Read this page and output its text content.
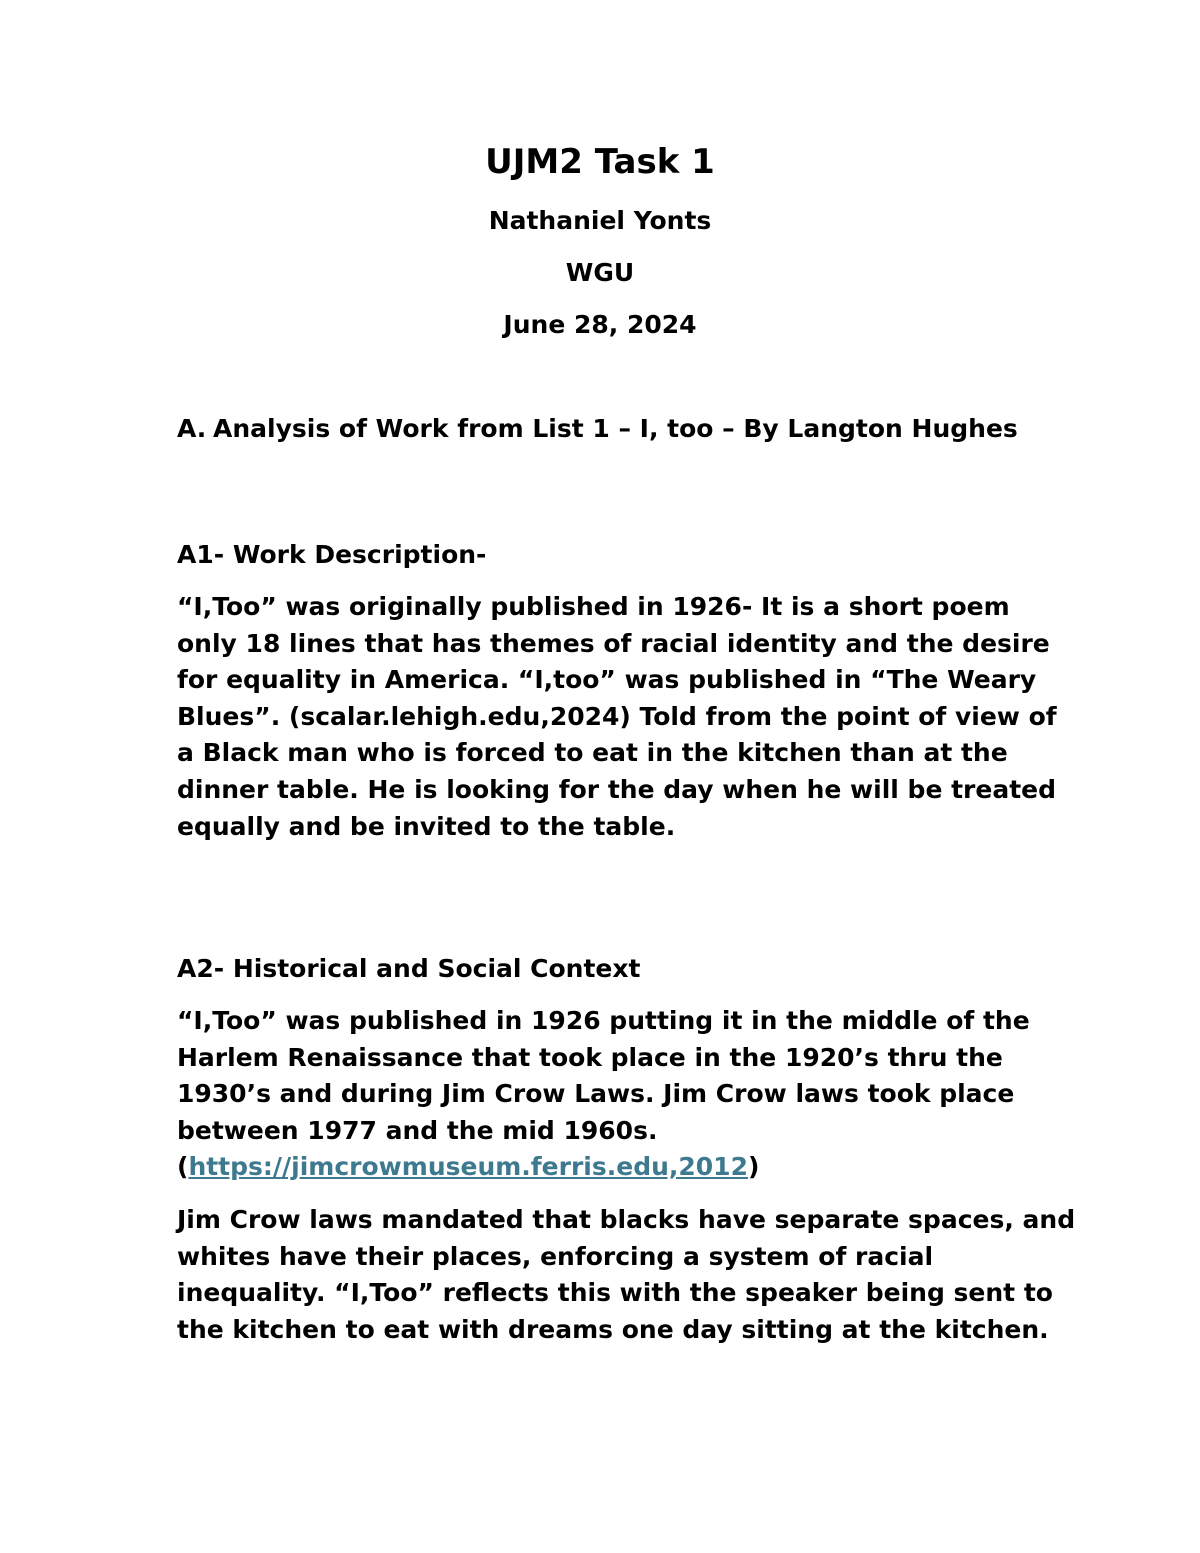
UJM2 Task 1
Nathaniel Yonts
WGU
June 28, 2024
A. Analysis of Work from List 1 – I, too – By Langton Hughes
A1- Work Description-

“I,Too” was originally published in 1926- It is a short poem only 18 lines that has themes of racial identity and the desire for equality in America. “I,too” was published in “The Weary Blues”. (scalar.lehigh.edu,2024) Told from the point of view of a Black man who is forced to eat in the kitchen than at the dinner table. He is looking for the day when he will be treated equally and be invited to the table.

A2- Historical and Social Context

“I,Too” was published in 1926 putting it in the middle of the Harlem Renaissance that took place in the 1920’s thru the 1930’s and during Jim Crow Laws. Jim Crow laws took place between 1977 and the mid 1960s. (https://jimcrowmuseum.ferris.edu,2012)

Jim Crow laws mandated that blacks have separate spaces, and whites have their places, enforcing a system of racial inequality. “I,Too” reflects this with the speaker being sent to the kitchen to eat with dreams one day sitting at the kitchen.
